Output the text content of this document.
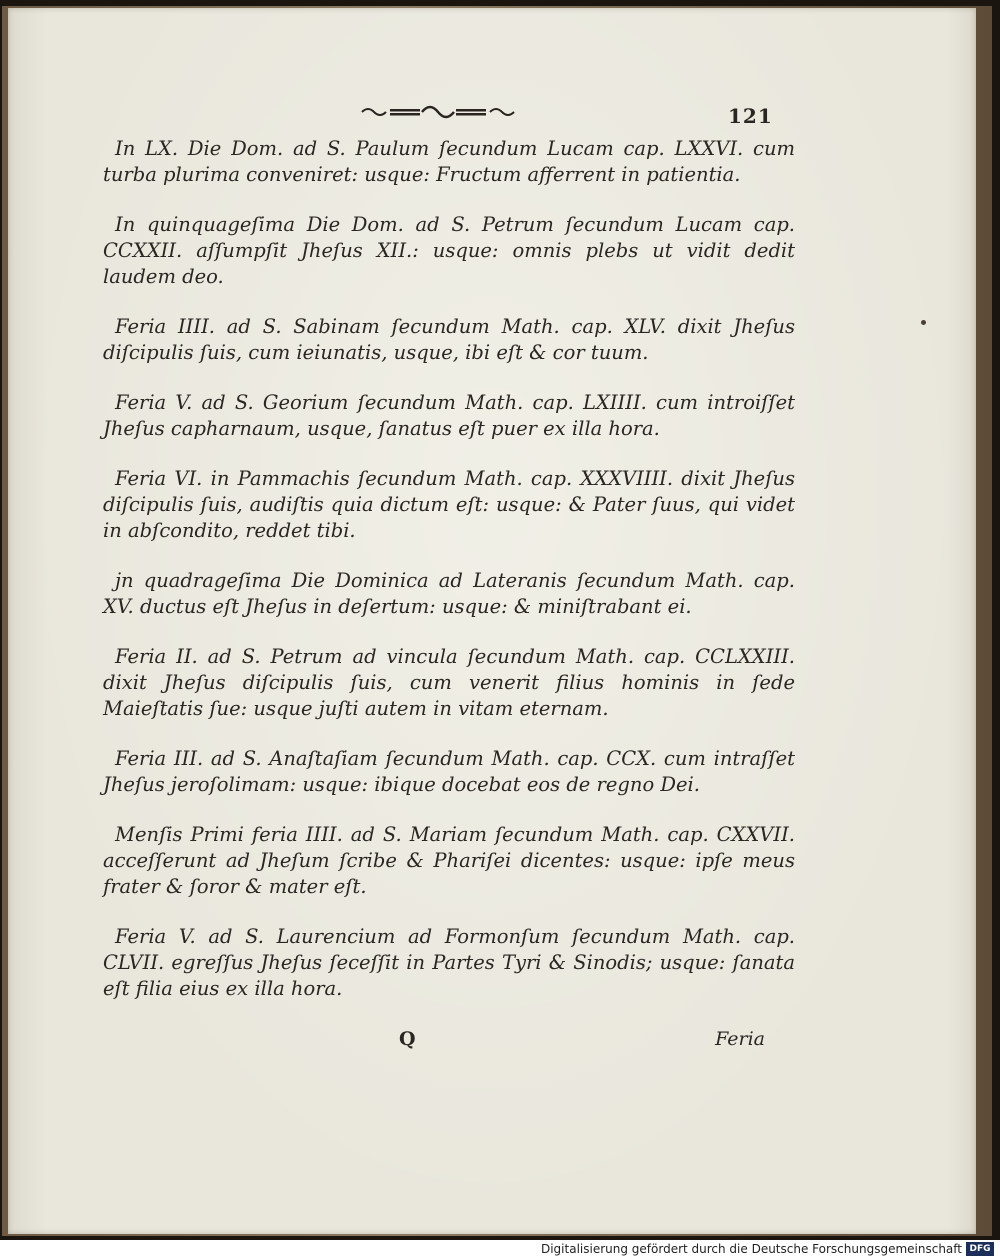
121

In LX. Die Dom. ad S. Paulum ſecundum Lucam cap. LXXVI. cum turba plurima conveniret: usque: Fructum afferrent in patientia.

In quinquageſima Die Dom. ad S. Petrum ſecundum Lucam cap. CCXXII. aſſumpſit Jheſus XII.: usque: omnis plebs ut vidit dedit laudem deo.

Feria IIII. ad S. Sabinam ſecundum Math. cap. XLV. dixit Jheſus diſcipulis ſuis, cum ieiunatis, usque, ibi eſt & cor tuum.

Feria V. ad S. Georium ſecundum Math. cap. LXIIII. cum introiſſet Jheſus capharnaum, usque, ſanatus eſt puer ex illa hora.

Feria VI. in Pammachis ſecundum Math. cap. XXXVIIII. dixit Jheſus diſcipulis ſuis, audiſtis quia dictum eſt: usque: & Pater ſuus, qui videt in abſcondito, reddet tibi.

jn quadrageſima Die Dominica ad Lateranis ſecundum Math. cap. XV. ductus eſt Jheſus in deſertum: usque: & miniſtrabant ei.

Feria II. ad S. Petrum ad vincula ſecundum Math. cap. CCLXXIII. dixit Jheſus diſcipulis ſuis, cum venerit filius hominis in ſede Maieſtatis ſue: usque juſti autem in vitam eternam.

Feria III. ad S. Anaſtaſiam ſecundum Math. cap. CCX. cum intraſſet Jheſus jeroſolimam: usque: ibique docebat eos de regno Dei.

Menſis Primi feria IIII. ad S. Mariam ſecundum Math. cap. CXXVII. acceſſerunt ad Jheſum ſcribe & Phariſei dicentes: usque: ipſe meus frater & ſoror & mater eſt.

Feria V. ad S. Laurencium ad Formonſum ſecundum Math. cap. CLVII. egreſſus Jheſus ſeceſſit in Partes Tyri & Sinodis; usque: ſanata eſt filia eius ex illa hora.

Q	Feria
Digitalisierung gefördert durch die Deutsche Forschungsgemeinschaft DFG
